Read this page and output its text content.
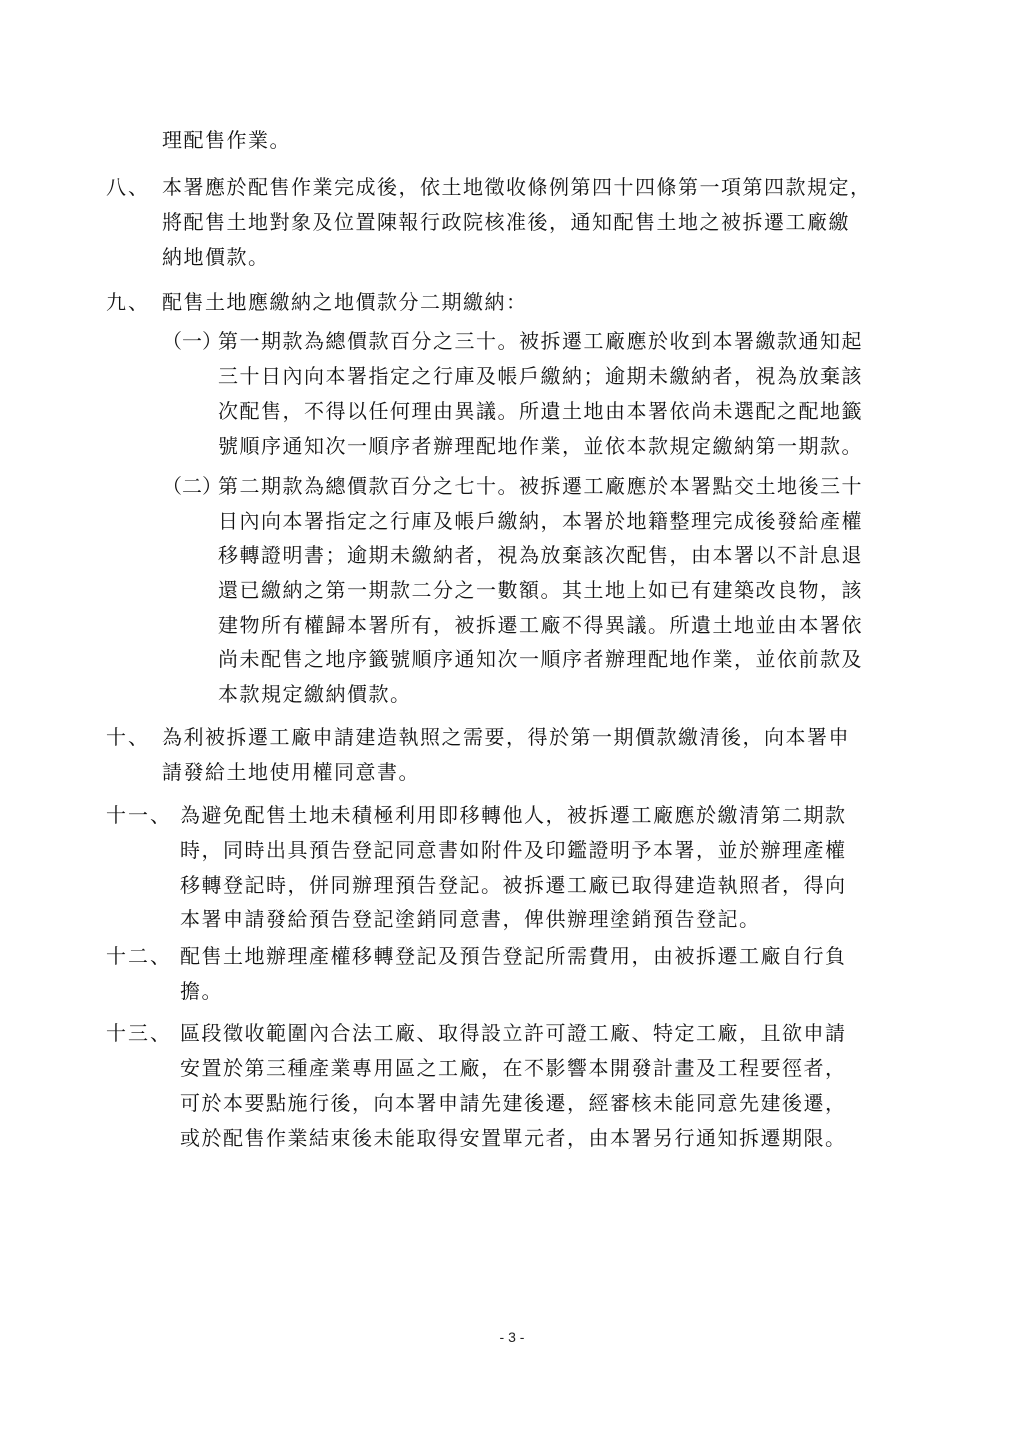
理配售作業。
八、 本署應於配售作業完成後，依土地徵收條例第四十四條第一項第四款規定，
將配售土地對象及位置陳報行政院核准後，通知配售土地之被拆遷工廠繳
納地價款。
九、 配售土地應繳納之地價款分二期繳納：
（一）
第一期款為總價款百分之三十。被拆遷工廠應於收到本署繳款通知起
三十日內向本署指定之行庫及帳戶繳納；逾期未繳納者，視為放棄該
次配售，不得以任何理由異議。所遺土地由本署依尚未選配之配地籤
號順序通知次一順序者辦理配地作業，並依本款規定繳納第一期款。
（二）
第二期款為總價款百分之七十。被拆遷工廠應於本署點交土地後三十
日內向本署指定之行庫及帳戶繳納，本署於地籍整理完成後發給產權
移轉證明書；逾期未繳納者，視為放棄該次配售，由本署以不計息退
還已繳納之第一期款二分之一數額。其土地上如已有建築改良物，該
建物所有權歸本署所有，被拆遷工廠不得異議。所遺土地並由本署依
尚未配售之地序籤號順序通知次一順序者辦理配地作業，並依前款及
本款規定繳納價款。
十、 為利被拆遷工廠申請建造執照之需要，得於第一期價款繳清後，向本署申
請發給土地使用權同意書。
十一、 為避免配售土地未積極利用即移轉他人，被拆遷工廠應於繳清第二期款
時，同時出具預告登記同意書如附件及印鑑證明予本署，並於辦理產權
移轉登記時，併同辦理預告登記。被拆遷工廠已取得建造執照者，得向
本署申請發給預告登記塗銷同意書，俾供辦理塗銷預告登記。
十二、 配售土地辦理產權移轉登記及預告登記所需費用，由被拆遷工廠自行負
擔。
十三、 區段徵收範圍內合法工廠、取得設立許可證工廠、特定工廠，且欲申請
安置於第三種產業專用區之工廠，在不影響本開發計畫及工程要徑者，
可於本要點施行後，向本署申請先建後遷，經審核未能同意先建後遷，
或於配售作業結束後未能取得安置單元者，由本署另行通知拆遷期限。
- 3 -
